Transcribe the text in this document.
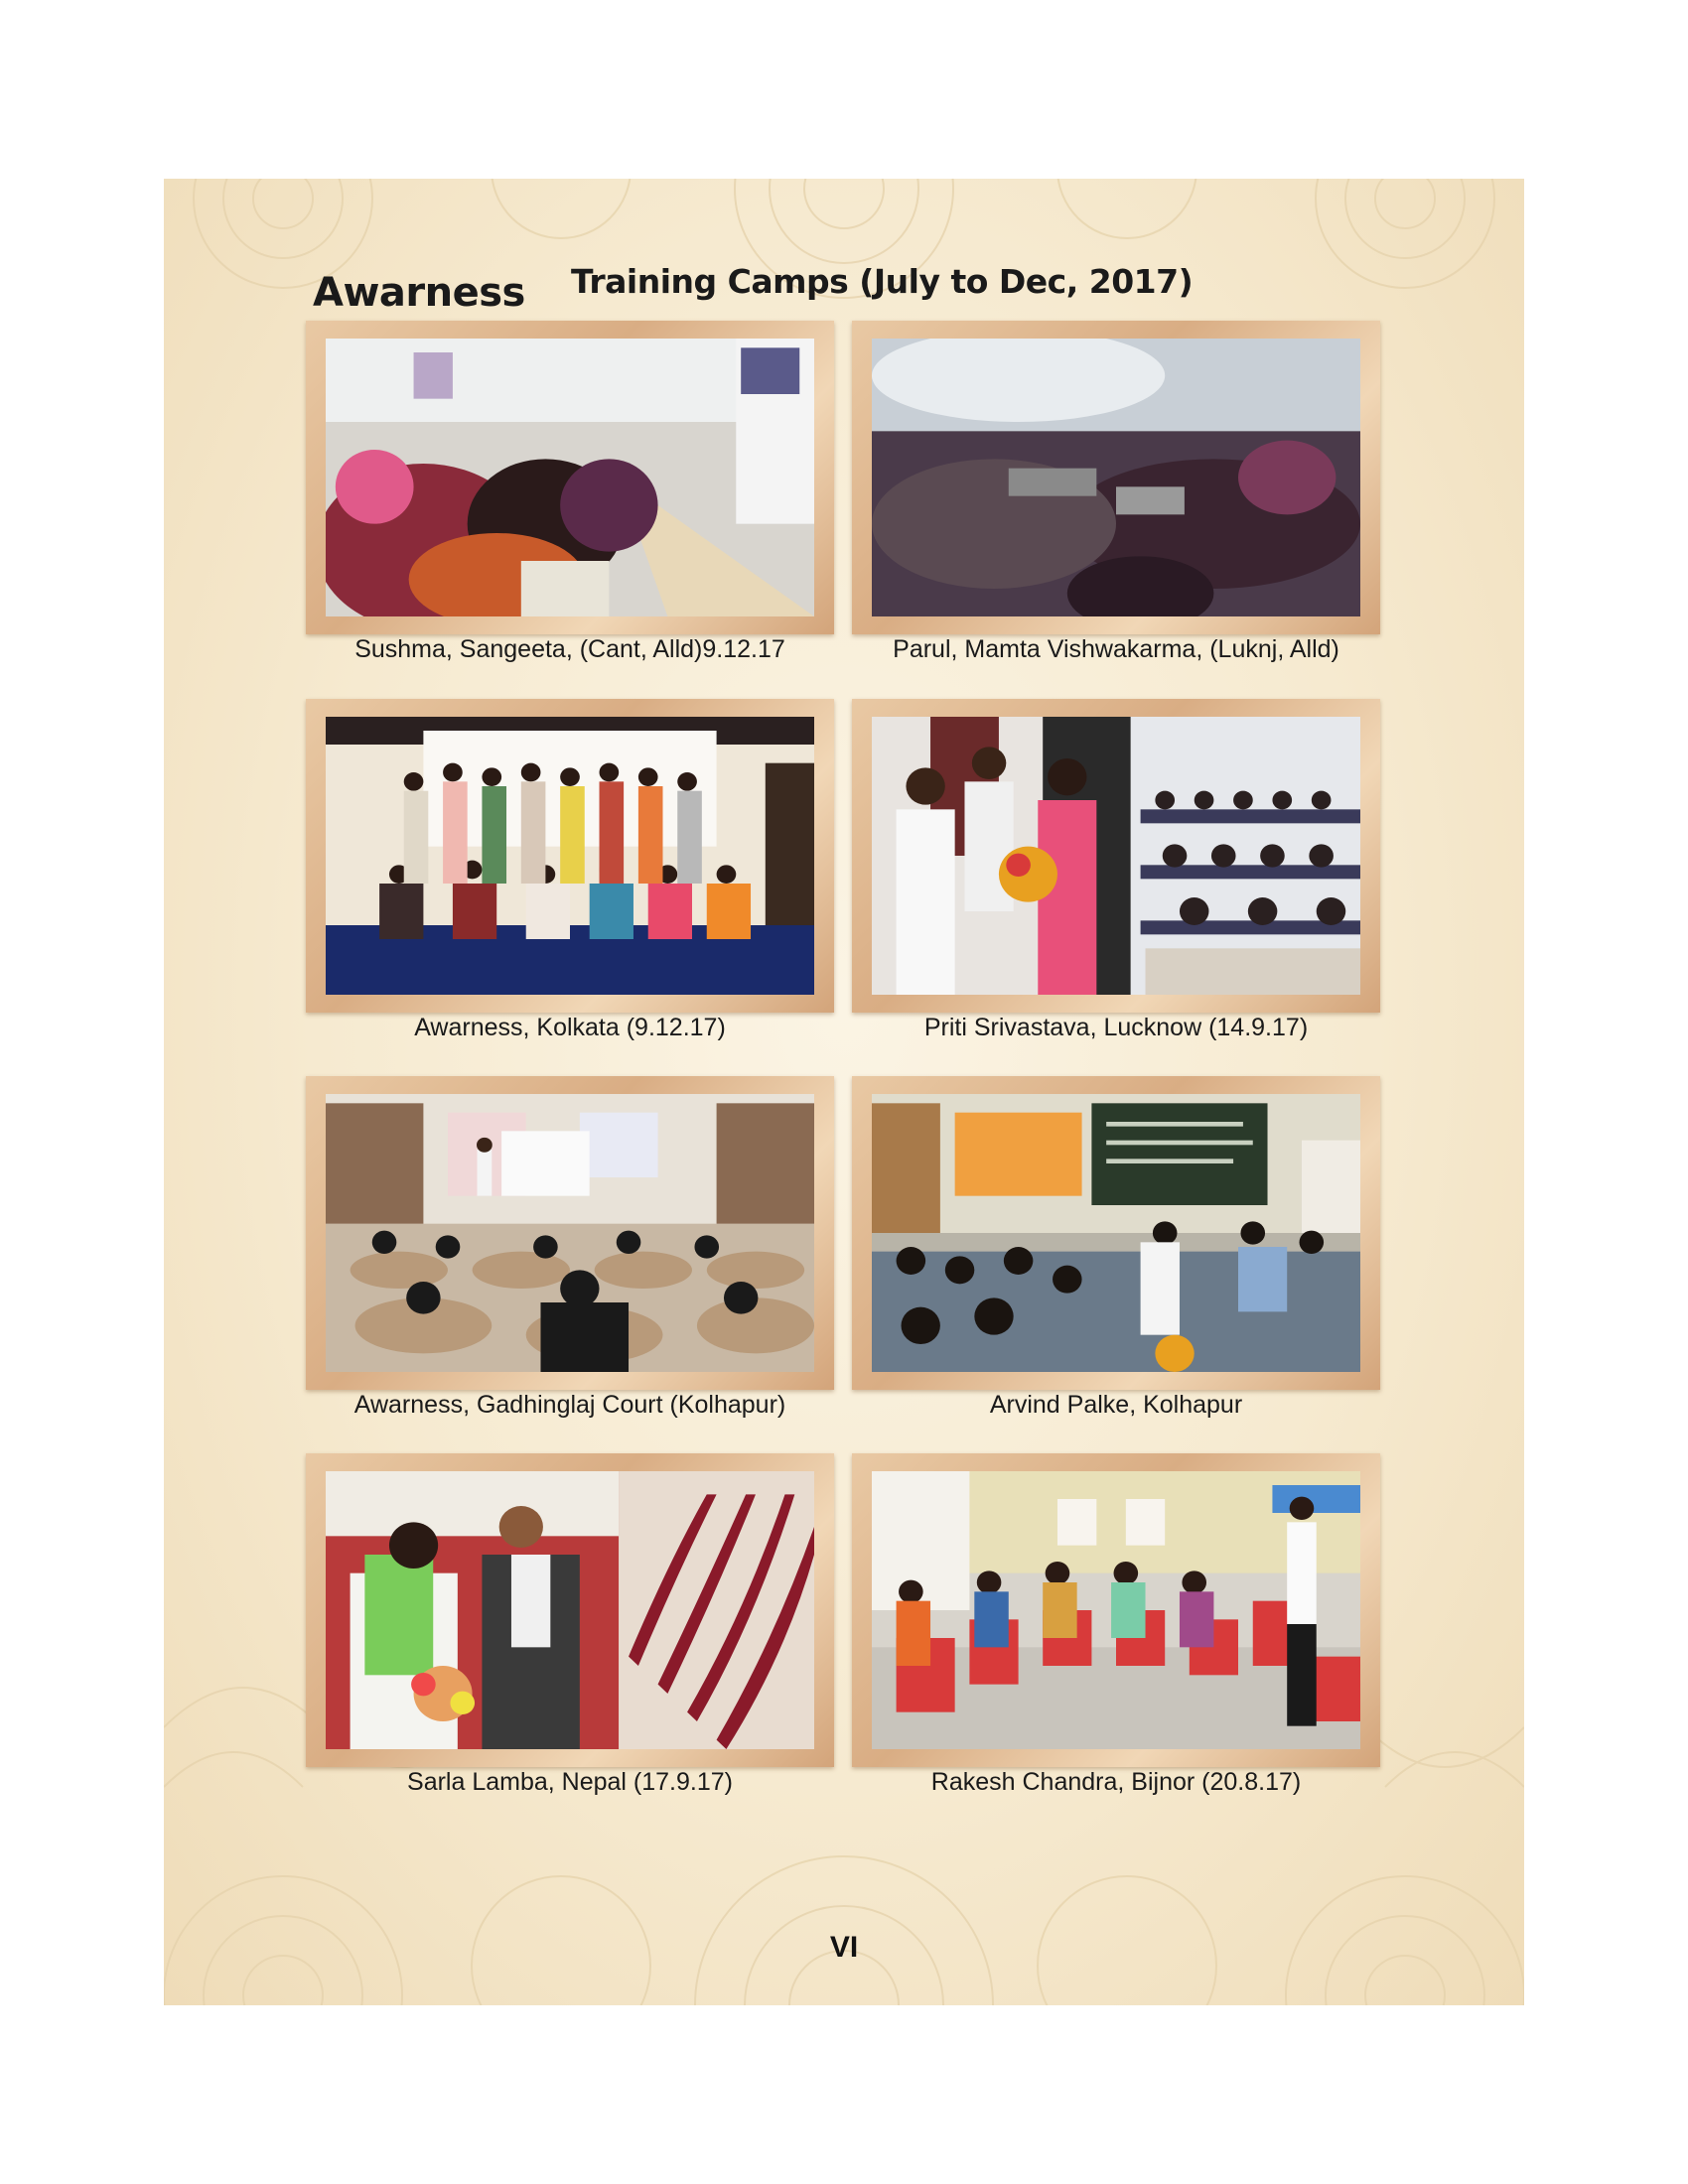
Awarness Training Camps (July to Dec, 2017)
Sushma, Sangeeta, (Cant, Alld)9.12.17	Parul, Mamta Vishwakarma, (Luknj, Alld)
Awarness, Kolkata (9.12.17)	Priti Srivastava, Lucknow (14.9.17)
Awarness, Gadhinglaj Court (Kolhapur)	Arvind Palke, Kolhapur
Sarla Lamba, Nepal (17.9.17)	Rakesh Chandra, Bijnor (20.8.17)
VI
